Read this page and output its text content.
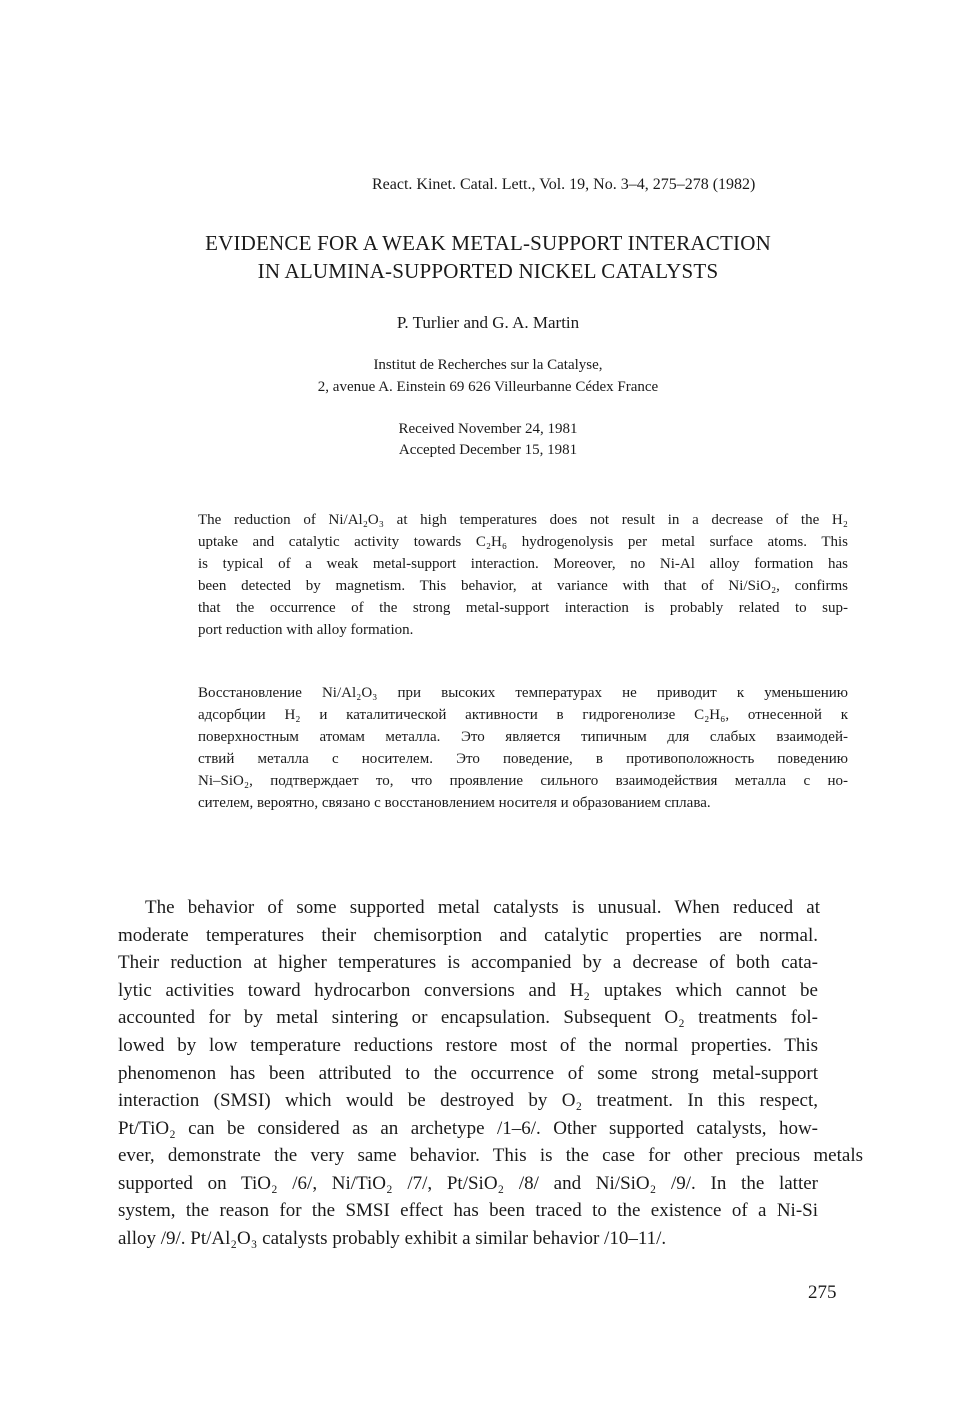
React. Kinet. Catal. Lett., Vol. 19, No. 3–4, 275–278 (1982)
EVIDENCE FOR A WEAK METAL-SUPPORT INTERACTION
IN ALUMINA-SUPPORTED NICKEL CATALYSTS
P. Turlier and G. A. Martin
Institut de Recherches sur la Catalyse,
2, avenue A. Einstein 69 626 Villeurbanne Cédex France
Received November 24, 1981
Accepted December 15, 1981
The reduction of Ni/Al₂O₃ at high temperatures does not result in a decrease of the H₂
uptake and catalytic activity towards C₂H₆ hydrogenolysis per metal surface atoms. This
is typical of a weak metal-support interaction. Moreover, no Ni-Al alloy formation has
been detected by magnetism. This behavior, at variance with that of Ni/SiO₂, confirms
that the occurrence of the strong metal-support interaction is probably related to sup-
port reduction with alloy formation.
Восстановление Ni/Al₂O₃ при высоких температурах не приводит к уменьшению
адсорбции H₂ и каталитической активности в гидрогенолизе C₂H₆, отнесенной к
поверхностным атомам металла. Это является типичным для слабых взаимодей-
ствий металла с носителем. Это поведение, в противоположность поведению
Ni–SiO₂, подтверждает то, что проявление сильного взаимодействия металла с но-
сителем, вероятно, связано с восстановлением носителя и образованием сплава.
The behavior of some supported metal catalysts is unusual. When reduced at
moderate temperatures their chemisorption and catalytic properties are normal.
Their reduction at higher temperatures is accompanied by a decrease of both cata-
lytic activities toward hydrocarbon conversions and H₂ uptakes which cannot be
accounted for by metal sintering or encapsulation. Subsequent O₂ treatments fol-
lowed by low temperature reductions restore most of the normal properties. This
phenomenon has been attributed to the occurrence of some strong metal-support
interaction (SMSI) which would be destroyed by O₂ treatment. In this respect,
Pt/TiO₂ can be considered as an archetype /1–6/. Other supported catalysts, how-
ever, demonstrate the very same behavior. This is the case for other precious metals
supported on TiO₂ /6/, Ni/TiO₂ /7/, Pt/SiO₂ /8/ and Ni/SiO₂ /9/. In the latter
system, the reason for the SMSI effect has been traced to the existence of a Ni-Si
alloy /9/. Pt/Al₂O₃ catalysts probably exhibit a similar behavior /10–11/.
275
